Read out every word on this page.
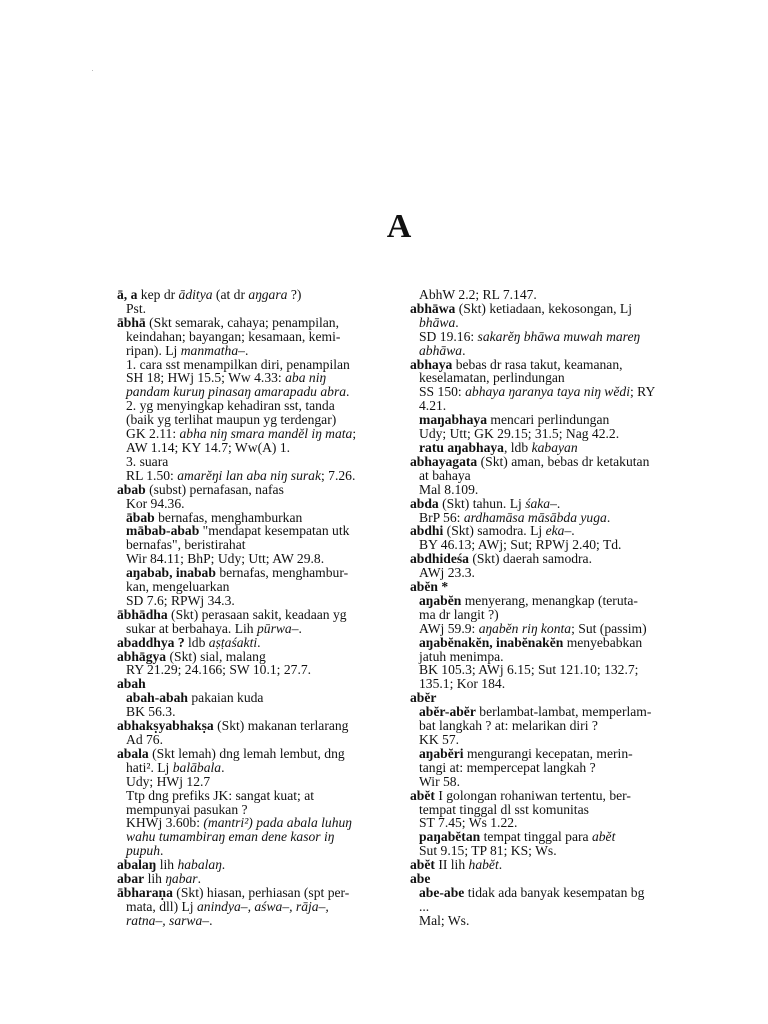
A
ā, a kep dr āditya (at dr aŋgara ?)
Pst.
ābhā (Skt semarak, cahaya; penampilan,
keindahan; bayangan; kesamaan, kemi-
ripan). Lj manmatha–.
1. cara sst menampilkan diri, penampilan
SH 18; HWj 15.5; Ww 4.33: aba niŋ
pandam kuruŋ pinasaŋ amarapadu abra.
2. yg menyingkap kehadiran sst, tanda
(baik yg terlihat maupun yg terdengar)
GK 2.11: abha niŋ smara mandĕl iŋ mata;
AW 1.14; KY 14.7; Ww(A) 1.
3. suara
RL 1.50: amarĕŋi lan aba niŋ surak; 7.26.
abab (subst) pernafasan, nafas
Kor 94.36.
ābab bernafas, menghamburkan
mābab-abab "mendapat kesempatan utk
bernafas", beristirahat
Wir 84.11; BhP; Udy; Utt; AW 29.8.
aŋabab, inabab bernafas, menghambur-
kan, mengeluarkan
SD 7.6; RPWj 34.3.
ābhādha (Skt) perasaan sakit, keadaan yg
sukar at berbahaya. Lih pūrwa–.
abaddhya ? ldb aṣṭaśakti.
abhāgya (Skt) sial, malang
RY 21.29; 24.166; SW 10.1; 27.7.
abah
abah-abah pakaian kuda
BK 56.3.
abhakṣyabhakṣa (Skt) makanan terlarang
Ad 76.
abala (Skt lemah) dng lemah lembut, dng
hati². Lj balābala.
Udy; HWj 12.7
Ttp dng prefiks JK: sangat kuat; at
mempunyai pasukan ?
KHWj 3.60b: (mantri²) pada abala luhuŋ
wahu tumambiraŋ eman dene kasor iŋ
pupuh.
abalaŋ lih habalaŋ.
abar lih ŋabar.
ābharaṇa (Skt) hiasan, perhiasan (spt per-
mata, dll) Lj anindya–, aśwa–, rāja–,
ratna–, sarwa–.
AbhW 2.2; RL 7.147.
abhāwa (Skt) ketiadaan, kekosongan, Lj
bhāwa.
SD 19.16: sakarĕŋ bhāwa muwah mareŋ
abhāwa.
abhaya bebas dr rasa takut, keamanan,
keselamatan, perlindungan
SS 150: abhaya ŋaranya taya niŋ wĕdi; RY
4.21.
maŋabhaya mencari perlindungan
Udy; Utt; GK 29.15; 31.5; Nag 42.2.
ratu aŋabhaya, ldb kabayan
abhayagata (Skt) aman, bebas dr ketakutan
at bahaya
Mal 8.109.
abda (Skt) tahun. Lj śaka–.
BrP 56: ardhamāsa māsābda yuga.
abdhi (Skt) samodra. Lj eka–.
BY 46.13; AWj; Sut; RPWj 2.40; Td.
abdhideśa (Skt) daerah samodra.
AWj 23.3.
abĕn *
aŋabĕn menyerang, menangkap (teruta-
ma dr langit ?)
AWj 59.9: aŋabĕn riŋ konta; Sut (passim)
aŋabĕnakĕn, inabĕnakĕn menyebabkan
jatuh menimpa.
BK 105.3; AWj 6.15; Sut 121.10; 132.7;
135.1; Kor 184.
abĕr
abĕr-abĕr berlambat-lambat, memperlam-
bat langkah ? at: melarikan diri ?
KK 57.
aŋabĕri mengurangi kecepatan, merin-
tangi at: mempercepat langkah ?
Wir 58.
abĕt I golongan rohaniwan tertentu, ber-
tempat tinggal dl sst komunitas
ST 7.45; Ws 1.22.
paŋabĕtan tempat tinggal para abĕt
Sut 9.15; TP 81; KS; Ws.
abĕt II lih habĕt.
abe
abe-abe tidak ada banyak kesempatan bg
...
Mal; Ws.
